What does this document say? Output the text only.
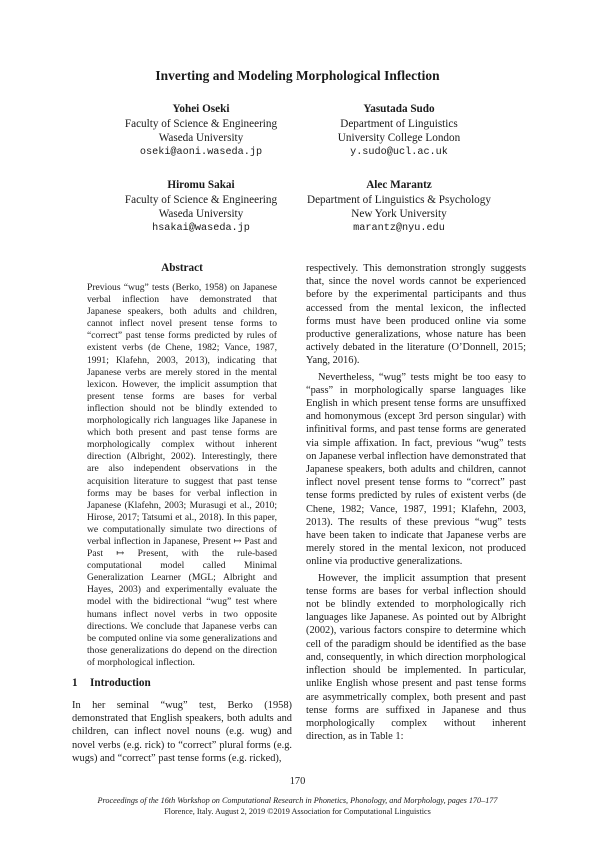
Inverting and Modeling Morphological Inflection
Yohei Oseki
Faculty of Science & Engineering
Waseda University
oseki@aoni.waseda.jp
Yasutada Sudo
Department of Linguistics
University College London
y.sudo@ucl.ac.uk
Hiromu Sakai
Faculty of Science & Engineering
Waseda University
hsakai@waseda.jp
Alec Marantz
Department of Linguistics & Psychology
New York University
marantz@nyu.edu
Abstract
Previous “wug” tests (Berko, 1958) on Japanese verbal inflection have demonstrated that Japanese speakers, both adults and children, cannot inflect novel present tense forms to “correct” past tense forms predicted by rules of existent verbs (de Chene, 1982; Vance, 1987, 1991; Klafehn, 2003, 2013), indicating that Japanese verbs are merely stored in the mental lexicon. However, the implicit assumption that present tense forms are bases for verbal inflection should not be blindly extended to morphologically rich languages like Japanese in which both present and past tense forms are morphologically complex without inherent direction (Albright, 2002). Interestingly, there are also independent observations in the acquisition literature to suggest that past tense forms may be bases for verbal inflection in Japanese (Klafehn, 2003; Murasugi et al., 2010; Hirose, 2017; Tatsumi et al., 2018). In this paper, we computationally simulate two directions of verbal inflection in Japanese, Present ↦ Past and Past ↦ Present, with the rule-based computational model called Minimal Generalization Learner (MGL; Albright and Hayes, 2003) and experimentally evaluate the model with the bidirectional “wug” test where humans inflect novel verbs in two opposite directions. We conclude that Japanese verbs can be computed online via some generalizations and those generalizations do depend on the direction of morphological inflection.
1 Introduction
In her seminal “wug” test, Berko (1958) demonstrated that English speakers, both adults and children, can inflect novel nouns (e.g. wug) and novel verbs (e.g. rick) to “correct” plural forms (e.g. wugs) and “correct” past tense forms (e.g. ricked),

respectively. This demonstration strongly suggests that, since the novel words cannot be experienced before by the experimental participants and thus accessed from the mental lexicon, the inflected forms must have been produced online via some productive generalizations, whose nature has been actively debated in the literature (O’Donnell, 2015; Yang, 2016).

Nevertheless, “wug” tests might be too easy to “pass” in morphologically sparse languages like English in which present tense forms are unsuffixed and homonymous (except 3rd person singular) with infinitival forms, and past tense forms are generated via simple affixation. In fact, previous “wug” tests on Japanese verbal inflection have demonstrated that Japanese speakers, both adults and children, cannot inflect novel present tense forms to “correct” past tense forms predicted by rules of existent verbs (de Chene, 1982; Vance, 1987, 1991; Klafehn, 2003, 2013). The results of these previous “wug” tests have been taken to indicate that Japanese verbs are merely stored in the mental lexicon, not produced online via productive generalizations.

However, the implicit assumption that present tense forms are bases for verbal inflection should not be blindly extended to morphologically rich languages like Japanese. As pointed out by Albright (2002), various factors conspire to determine which cell of the paradigm should be identified as the base and, consequently, in which direction morphological inflection should be implemented. In particular, unlike English whose present and past tense forms are asymmetrically complex, both present and past tense forms are suffixed in Japanese and thus morphologically complex without inherent direction, as in Table 1:

170
Proceedings of the 16th Workshop on Computational Research in Phonetics, Phonology, and Morphology, pages 170–177
Florence, Italy. August 2, 2019 ©2019 Association for Computational Linguistics
